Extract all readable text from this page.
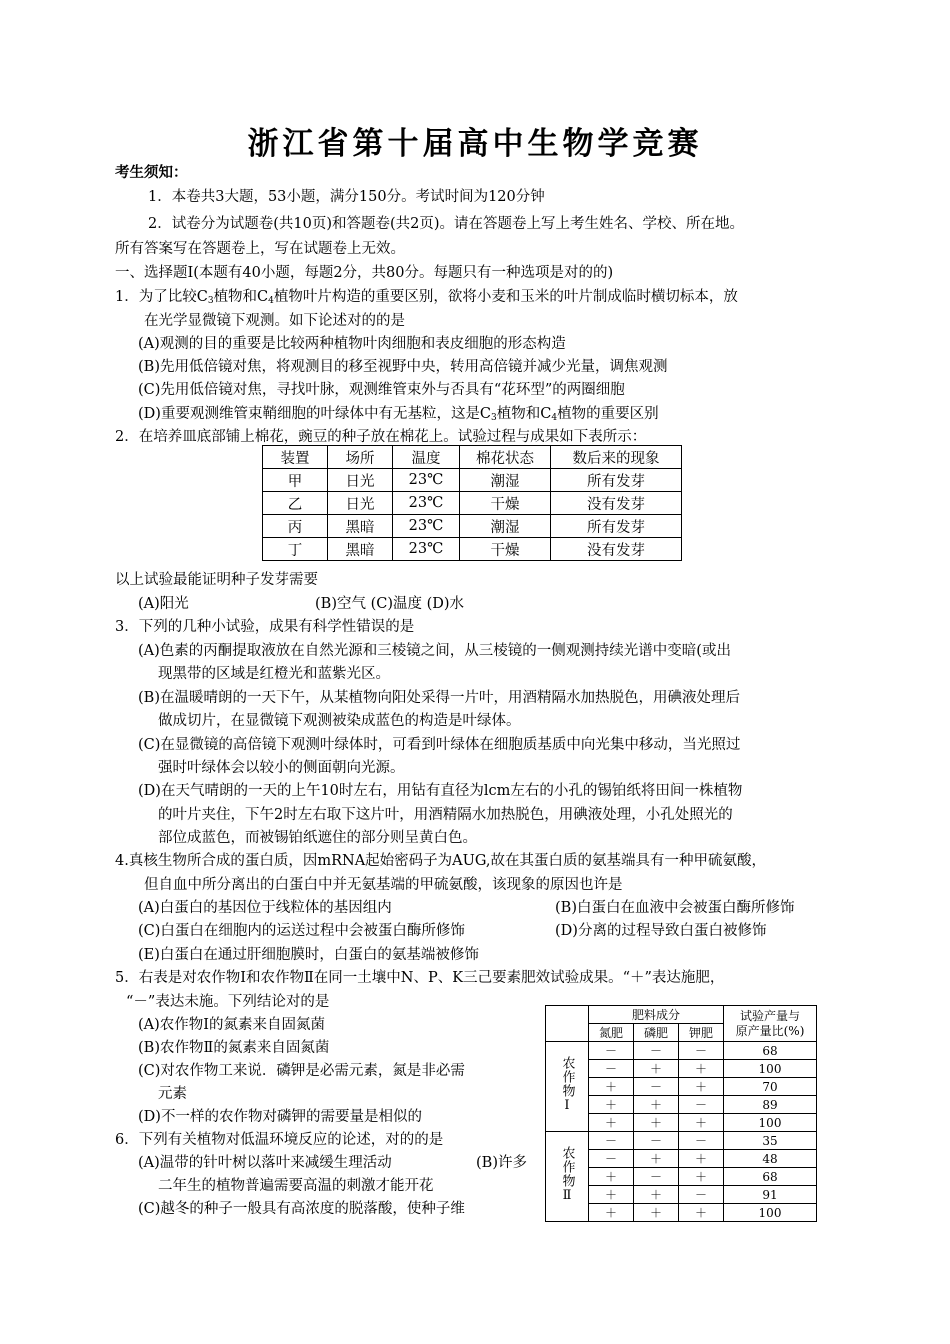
浙江省第十届高中生物学竞赛
考生须知：
1．本卷共3大题，53小题，满分150分。考试时间为120分钟
2．试卷分为试题卷(共10页)和答题卷(共2页)。请在答题卷上写上考生姓名、学校、所在地。
所有答案写在答题卷上，写在试题卷上无效。
一、选择题Ⅰ(本题有40小题，每题2分，共80分。每题只有一种选项是对的的)
1．为了比较$C_3$植物和$C_4$植物叶片构造的重要区别，欲将小麦和玉米的叶片制成临时横切标本，放
在光学显微镜下观测。如下论述对的的是
(A)观测的目的重要是比较两种植物叶肉细胞和表皮细胞的形态构造
(B)先用低倍镜对焦，将观测目的移至视野中央，转用高倍镜并减少光量，调焦观测
(C)先用低倍镜对焦，寻找叶脉，观测维管束外与否具有“花环型”的两圈细胞
(D)重要观测维管束鞘细胞的叶绿体中有无基粒，这是$C_3$植物和$C_4$植物的重要区别
2．在培养皿底部铺上棉花，豌豆的种子放在棉花上。试验过程与成果如下表所示：
装置	场所	温度	棉花状态	数后来的现象
甲	日光	23℃	潮湿	所有发芽
乙	日光	23℃	干燥	没有发芽
丙	黑暗	23℃	潮湿	所有发芽
丁	黑暗	23℃	干燥	没有发芽
以上试验最能证明种子发芽需要
(A)阳光	(B)空气 (C)温度 (D)水
3．下列的几种小试验，成果有科学性错误的是
(A)色素的丙酮提取液放在自然光源和三棱镜之间，从三棱镜的一侧观测持续光谱中变暗(或出
现黑带的区域是红橙光和蓝紫光区。
(B)在温暖晴朗的一天下午，从某植物向阳处采得一片叶，用酒精隔水加热脱色，用碘液处理后
做成切片，在显微镜下观测被染成蓝色的构造是叶绿体。
(C)在显微镜的高倍镜下观测叶绿体时，可看到叶绿体在细胞质基质中向光集中移动，当光照过
强时叶绿体会以较小的侧面朝向光源。
(D)在天气晴朗的一天的上午10时左右，用钻有直径为lcm左右的小孔的锡铂纸将田间一株植物
的叶片夹住，下午2时左右取下这片叶，用酒精隔水加热脱色，用碘液处理，小孔处照光的
部位成蓝色，而被锡铂纸遮住的部分则呈黄白色。
4.真核生物所合成的蛋白质，因mRNA起始密码子为AUG,故在其蛋白质的氨基端具有一种甲硫氨酸，
但自血中所分离出的白蛋白中并无氨基端的甲硫氨酸，该现象的原因也许是
(A)白蛋白的基因位于线粒体的基因组内	(B)白蛋白在血液中会被蛋白酶所修饰
(C)白蛋白在细胞内的运送过程中会被蛋白酶所修饰	(D)分离的过程导致白蛋白被修饰
(E)白蛋白在通过肝细胞膜时，白蛋白的氨基端被修饰
5．右表是对农作物Ⅰ和农作物Ⅱ在同一土壤中N、P、K三己要素肥效试验成果。“＋”表达施肥，
“－”表达未施。下列结论对的是
(A)农作物Ⅰ的氮素来自固氮菌
(B)农作物Ⅱ的氮素来自固氮菌
(C)对农作物工来说．磷钾是必需元素，氮是非必需
元素
(D)不一样的农作物对磷钾的需要量是相似的
	肥料成分			试验产量与
原产量比(%)
	氮肥	磷肥	钾肥	
农作物Ⅰ	－	－	－	68
	－	＋	＋	100
	＋	－	＋	70
	＋	＋	－	89
	＋	＋	＋	100
农作物Ⅱ	－	－	－	35
	－	＋	＋	48
	＋	－	＋	68
	＋	＋	－	91
	＋	＋	＋	100
6．下列有关植物对低温环境反应的论述，对的的是
(A)温带的针叶树以落叶来减缓生理活动	(B)许多
二年生的植物普遍需要高温的刺激才能开花
(C)越冬的种子一般具有高浓度的脱落酸，使种子维
